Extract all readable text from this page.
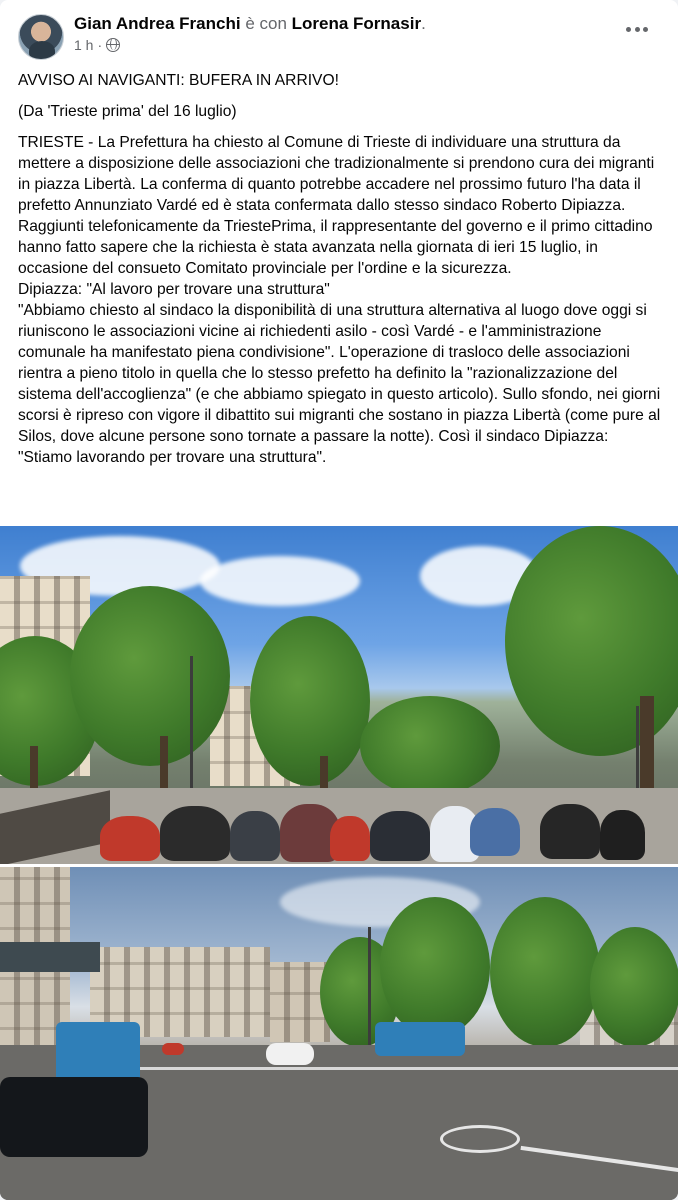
Gian Andrea Franchi è con Lorena Fornasir.
1 h ·

AVVISO AI NAVIGANTI: BUFERA IN ARRIVO!

(Da 'Trieste prima' del 16 luglio)

TRIESTE - La Prefettura ha chiesto al Comune di Trieste di individuare una struttura da mettere a disposizione delle associazioni che tradizionalmente si prendono cura dei migranti in piazza Libertà. La conferma di quanto potrebbe accadere nel prossimo futuro l'ha data il prefetto Annunziato Vardé ed è stata confermata dallo stesso sindaco Roberto Dipiazza. Raggiunti telefonicamente da TriestePrima, il rappresentante del governo e il primo cittadino hanno fatto sapere che la richiesta è stata avanzata nella giornata di ieri 15 luglio, in occasione del consueto Comitato provinciale per l'ordine e la sicurezza.

Dipiazza: "Al lavoro per trovare una struttura"

"Abbiamo chiesto al sindaco la disponibilità di una struttura alternativa al luogo dove oggi si riuniscono le associazioni vicine ai richiedenti asilo - così Vardé - e l'amministrazione comunale ha manifestato piena condivisione". L'operazione di trasloco delle associazioni rientra a pieno titolo in quella che lo stesso prefetto ha definito la "razionalizzazione del sistema dell'accoglienza" (e che abbiamo spiegato in questo articolo). Sullo sfondo, nei giorni scorsi è ripreso con vigore il dibattito sui migranti che sostano in piazza Libertà (come pure al Silos, dove alcune persone sono tornate a passare la notte). Così il sindaco Dipiazza: "Stiamo lavorando per trovare una struttura".
